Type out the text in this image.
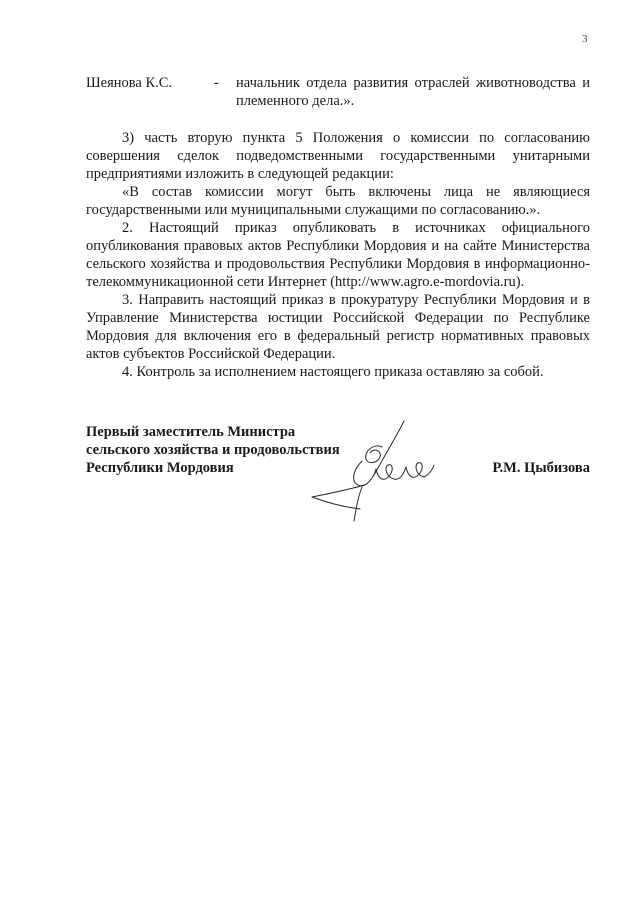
3
Шеянова К.С.	- начальник отдела развития отраслей животноводства и племенного дела.».

3) часть вторую пункта 5 Положения о комиссии по согласованию совершения сделок подведомственными государственными унитарными предприятиями изложить в следующей редакции:

«В состав комиссии могут быть включены лица не являющиеся государственными или муниципальными служащими по согласованию.».

2. Настоящий приказ опубликовать в источниках официального опубликования правовых актов Республики Мордовия и на сайте Министерства сельского хозяйства и продовольствия Республики Мордовия в информационно-телекоммуникационной сети Интернет (http://www.agro.e-mordovia.ru).

3. Направить настоящий приказ в прокуратуру Республики Мордовия и в Управление Министерства юстиции Российской Федерации по Республике Мордовия для включения его в федеральный регистр нормативных правовых актов субъектов Российской Федерации.

4. Контроль за исполнением настоящего приказа оставляю за собой.

Первый заместитель Министра
сельского хозяйства и продовольствия
Республики Мордовия	Р.М. Цыбизова
